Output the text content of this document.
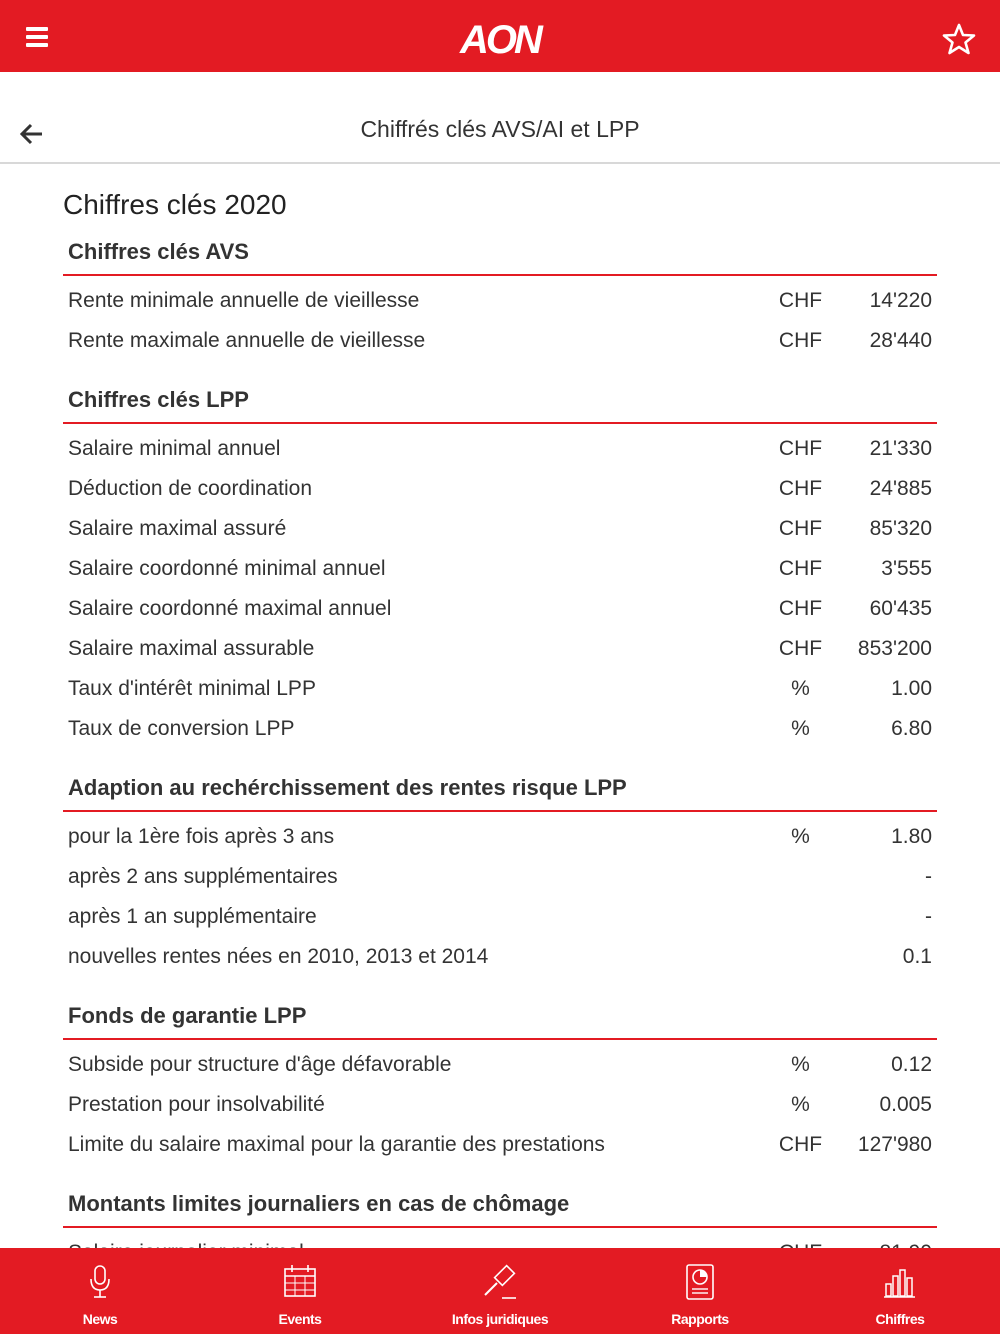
AON
Chiffrés clés AVS/AI et LPP
Chiffres clés 2020
Chiffres clés AVS
Rente minimale annuelle de vieillesse	CHF 14'220
Rente maximale annuelle de vieillesse	CHF 28'440
Chiffres clés LPP
Salaire minimal annuel	CHF 21'330
Déduction de coordination	CHF 24'885
Salaire maximal assuré	CHF 85'320
Salaire coordonné minimal annuel	CHF	3'555
Salaire coordonné maximal annuel	CHF 60'435
Salaire maximal assurable	CHF 853'200
Taux d'intérêt minimal LPP	%	1.00
Taux de conversion LPP	%	6.80
Adaption au rechérchissement des rentes risque LPP
pour la 1ère fois après 3 ans	%	1.80
après 2 ans supplémentaires	-
après 1 an supplémentaire	-
nouvelles rentes nées en 2010, 2013 et 2014	0.1
Fonds de garantie LPP
Subside pour structure d'âge défavorable	%	0.12
Prestation pour insolvabilité	%	0.005
Limite du salaire maximal pour la garantie des prestations	CHF 127'980
Montants limites journaliers en cas de chômage
News	Events	Infos juridiques	Rapports	Chiffres
